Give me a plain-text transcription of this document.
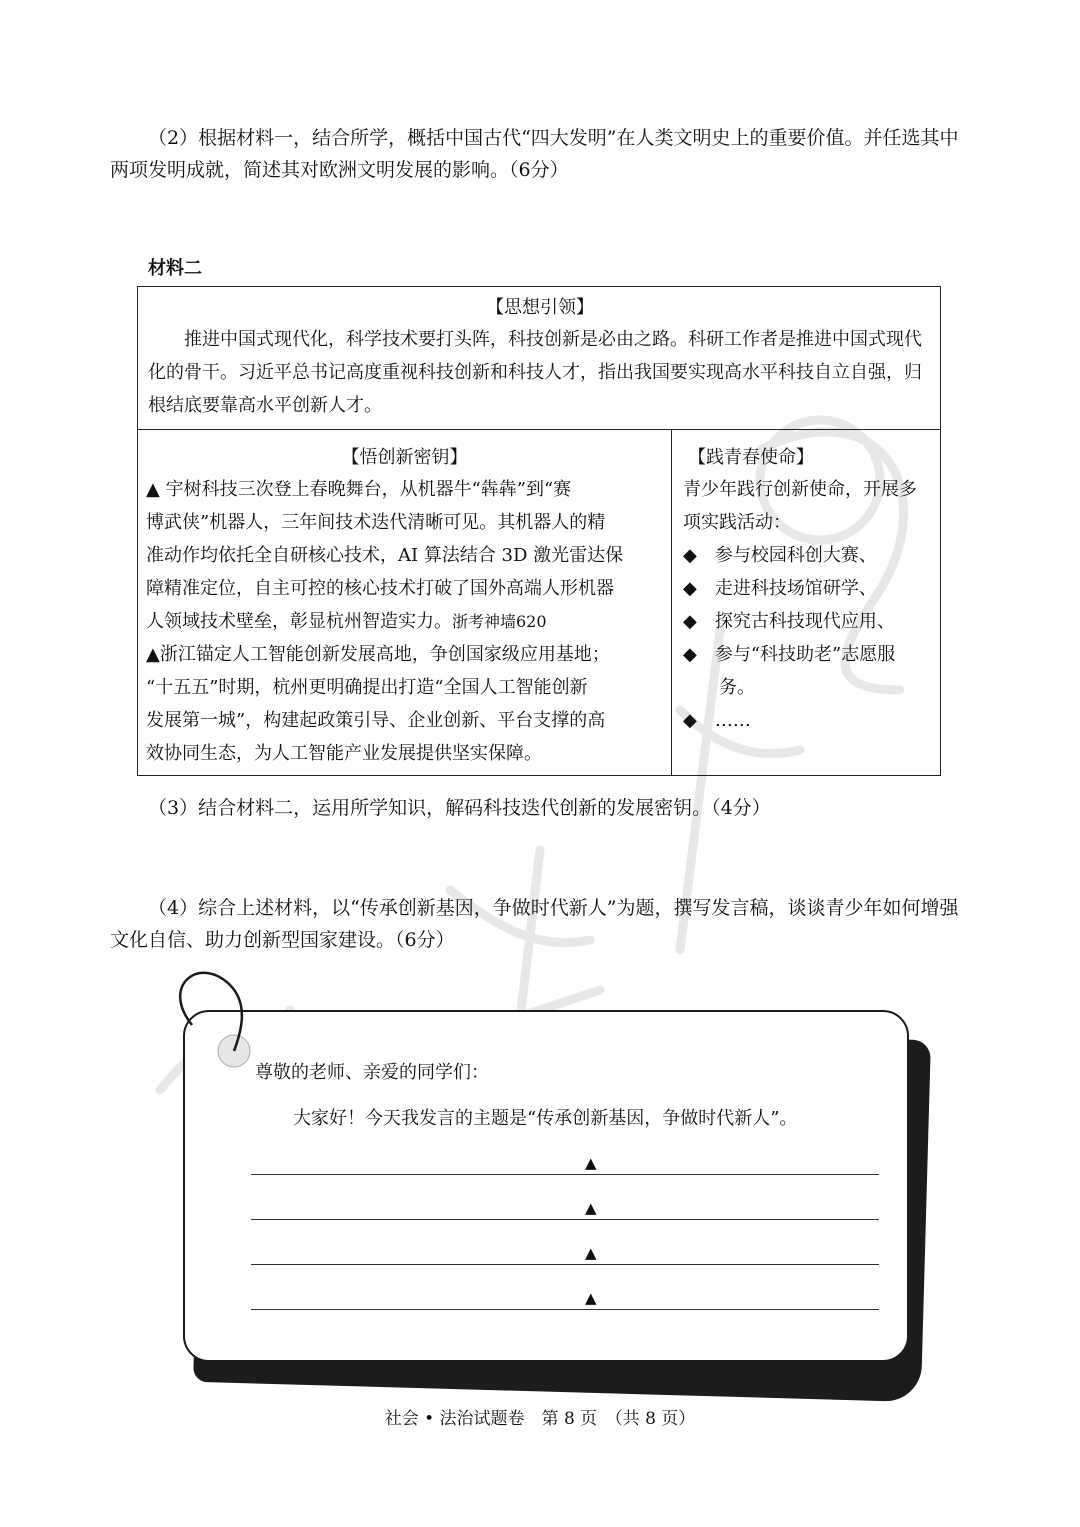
（2）根据材料一，结合所学，概括中国古代“四大发明”在人类文明史上的重要价值。并任选其中两项发明成就，简述其对欧洲文明发展的影响。（6分）
材料二
【思想引领】
推进中国式现代化，科学技术要打头阵，科技创新是必由之路。科研工作者是推进中国式现代化的骨干。习近平总书记高度重视科技创新和科技人才，指出我国要实现高水平科技自立自强，归根结底要靠高水平创新人才。
【悟创新密钥】
▲ 宇树科技三次登上春晚舞台，从机器牛“犇犇”到“赛
博武侠”机器人，三年间技术迭代清晰可见。其机器人的精
准动作均依托全自研核心技术，AI 算法结合 3D 激光雷达保
障精准定位，自主可控的核心技术打破了国外高端人形机器
人领域技术壁垒，彰显杭州智造实力。浙考神墙620
▲浙江锚定人工智能创新发展高地，争创国家级应用基地；
“十五五”时期，杭州更明确提出打造“全国人工智能创新
发展第一城”，构建起政策引导、企业创新、平台支撑的高
效协同生态，为人工智能产业发展提供坚实保障。
【践青春使命】
青少年践行创新使命，开展多
项实践活动：
◆　参与校园科创大赛、
◆　走进科技场馆研学、
◆　探究古科技现代应用、
◆　参与“科技助老”志愿服
　　务。
◆　……
（3）结合材料二，运用所学知识，解码科技迭代创新的发展密钥。（4分）
（4）综合上述材料，以“传承创新基因，争做时代新人”为题，撰写发言稿，谈谈青少年如何增强文化自信、助力创新型国家建设。（6分）
尊敬的老师、亲爱的同学们：
大家好！今天我发言的主题是“传承创新基因，争做时代新人”。
▲
▲
▲
▲
社会 • 法治试题卷　第 8 页　（共 8 页）
